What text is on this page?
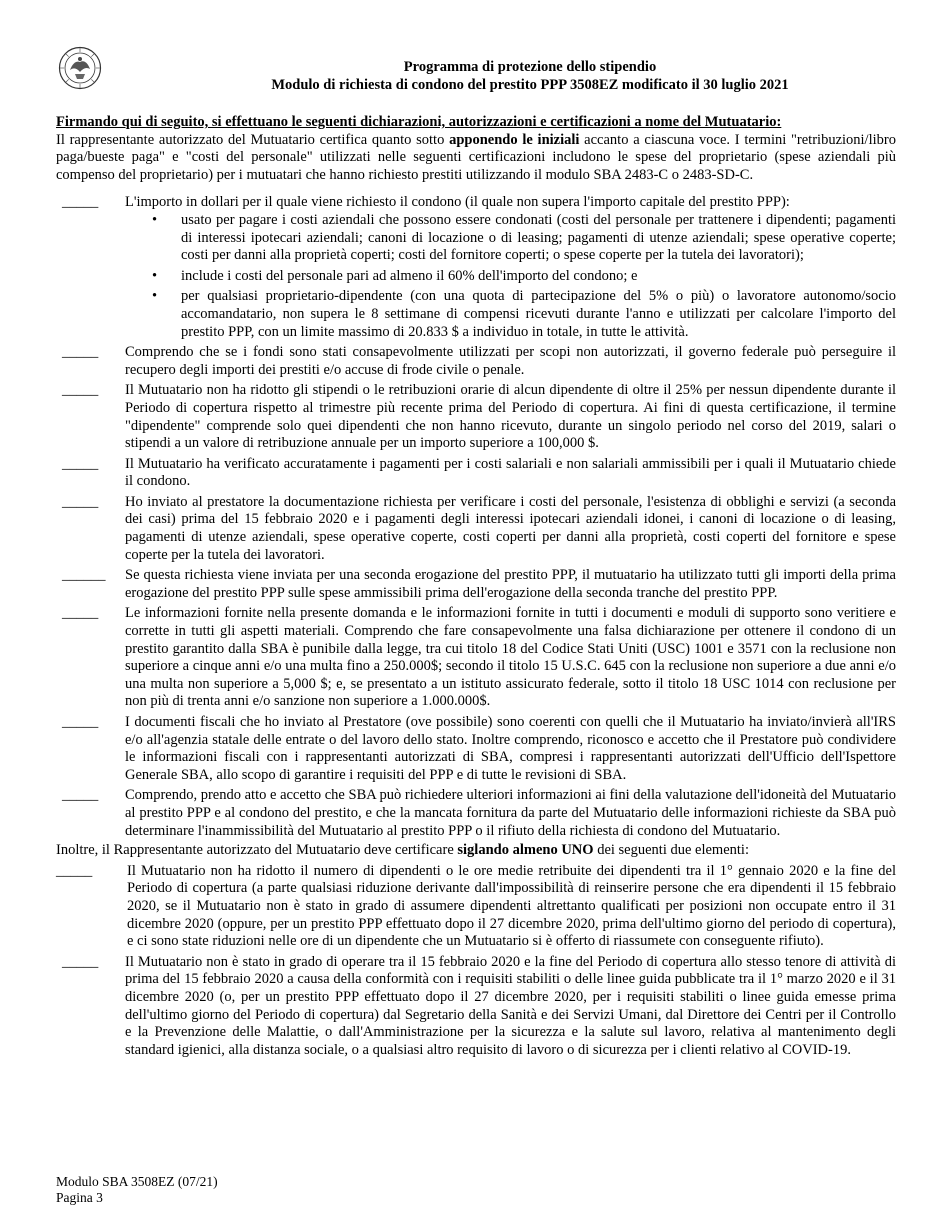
Programma di protezione dello stipendio
Modulo di richiesta di condono del prestito PPP 3508EZ modificato il 30 luglio 2021

Firmando qui di seguito, si effettuano le seguenti dichiarazioni, autorizzazioni e certificazioni a nome del Mutuatario:

Il rappresentante autorizzato del Mutuatario certifica quanto sotto apponendo le iniziali accanto a ciascuna voce. I termini "retribuzioni/libro paga/bueste paga" e "costi del personale" utilizzati nelle seguenti certificazioni includono le spese del proprietario (spese aziendali più compenso del proprietario) per i mutuatari che hanno richiesto prestiti utilizzando il modulo SBA 2483-C o 2483-SD-C.

_____ L'importo in dollari per il quale viene richiesto il condono (il quale non supera l'importo capitale del prestito PPP):
• usato per pagare i costi aziendali che possono essere condonati (costi del personale per trattenere i dipendenti; pagamenti di interessi ipotecari aziendali; canoni di locazione o di leasing; pagamenti di utenze aziendali; spese operative coperte; costi per danni alla proprietà coperti; costi del fornitore coperti; o spese coperte per la tutela dei lavoratori);
• include i costi del personale pari ad almeno il 60% dell'importo del condono; e
• per qualsiasi proprietario-dipendente (con una quota di partecipazione del 5% o più) o lavoratore autonomo/socio accomandatario, non supera le 8 settimane di compensi ricevuti durante l'anno e utilizzati per calcolare l'importo del prestito PPP, con un limite massimo di 20.833 $ a individuo in totale, in tutte le attività.
_____ Comprendo che se i fondi sono stati consapevolmente utilizzati per scopi non autorizzati, il governo federale può perseguire il recupero degli importi dei prestiti e/o accuse di frode civile o penale.
_____ Il Mutuatario non ha ridotto gli stipendi o le retribuzioni orarie di alcun dipendente di oltre il 25% per nessun dipendente durante il Periodo di copertura rispetto al trimestre più recente prima del Periodo di copertura. Ai fini di questa certificazione, il termine "dipendente" comprende solo quei dipendenti che non hanno ricevuto, durante un singolo periodo nel corso del 2019, salari o stipendi a un valore di retribuzione annuale per un importo superiore a 100,000 $.
_____ Il Mutuatario ha verificato accuratamente i pagamenti per i costi salariali e non salariali ammissibili per i quali il Mutuatario chiede il condono.
_____ Ho inviato al prestatore la documentazione richiesta per verificare i costi del personale, l'esistenza di obblighi e servizi (a seconda dei casi) prima del 15 febbraio 2020 e i pagamenti degli interessi ipotecari aziendali idonei, i canoni di locazione o di leasing, pagamenti di utenze aziendali, spese operative coperte, costi coperti per danni alla proprietà, costi coperti del fornitore e spese coperte per la tutela dei lavoratori.
______ Se questa richiesta viene inviata per una seconda erogazione del prestito PPP, il mutuatario ha utilizzato tutti gli importi della prima erogazione del prestito PPP sulle spese ammissibili prima dell'erogazione della seconda tranche del prestito PPP.
_____ Le informazioni fornite nella presente domanda e le informazioni fornite in tutti i documenti e moduli di supporto sono veritiere e corrette in tutti gli aspetti materiali. Comprendo che fare consapevolmente una falsa dichiarazione per ottenere il condono di un prestito garantito dalla SBA è punibile dalla legge, tra cui titolo 18 del Codice Stati Uniti (USC) 1001 e 3571 con la reclusione non superiore a cinque anni e/o una multa fino a 250.000$; secondo il titolo 15 U.S.C. 645 con la reclusione non superiore a due anni e/o una multa non superiore a 5,000 $; e, se presentato a un istituto assicurato federale, sotto il titolo 18 USC 1014 con reclusione per non più di trenta anni e/o sanzione non superiore a 1.000.000$.
_____ I documenti fiscali che ho inviato al Prestatore (ove possibile) sono coerenti con quelli che il Mutuatario ha inviato/invierà all'IRS e/o all'agenzia statale delle entrate o del lavoro dello stato. Inoltre comprendo, riconosco e accetto che il Prestatore può condividere le informazioni fiscali con i rappresentanti autorizzati di SBA, compresi i rappresentanti autorizzati dell'Ufficio dell'Ispettore Generale SBA, allo scopo di garantire i requisiti del PPP e di tutte le revisioni di SBA.
_____ Comprendo, prendo atto e accetto che SBA può richiedere ulteriori informazioni ai fini della valutazione dell'idoneità del Mutuatario al prestito PPP e al condono del prestito, e che la mancata fornitura da parte del Mutuatario delle informazioni richieste da SBA può determinare l'inammissibilità del Mutuatario al prestito PPP o il rifiuto della richiesta di condono del Mutuatario.

Inoltre, il Rappresentante autorizzato del Mutuatario deve certificare siglando almeno UNO dei seguenti due elementi:

_____ Il Mutuatario non ha ridotto il numero di dipendenti o le ore medie retribuite dei dipendenti tra il 1° gennaio 2020 e la fine del Periodo di copertura (a parte qualsiasi riduzione derivante dall'impossibilità di reinserire persone che era dipendenti il 15 febbraio 2020, se il Mutuatario non è stato in grado di assumere dipendenti altrettanto qualificati per posizioni non occupate entro il 31 dicembre 2020 (oppure, per un prestito PPP effettuato dopo il 27 dicembre 2020, prima dell'ultimo giorno del periodo di copertura), e ci sono state riduzioni nelle ore di un dipendente che un Mutuatario si è offerto di riassumete con conseguente rifiuto).
_____ Il Mutuatario non è stato in grado di operare tra il 15 febbraio 2020 e la fine del Periodo di copertura allo stesso tenore di attività di prima del 15 febbraio 2020 a causa della conformità con i requisiti stabiliti o delle linee guida pubblicate tra il 1° marzo 2020 e il 31 dicembre 2020 (o, per un prestito PPP effettuato dopo il 27 dicembre 2020, per i requisiti stabiliti o linee guida emesse prima dell'ultimo giorno del Periodo di copertura) dal Segretario della Sanità e dei Servizi Umani, dal Direttore dei Centri per il Controllo e la Prevenzione delle Malattie, o dall'Amministrazione per la sicurezza e la salute sul lavoro, relativa al mantenimento degli standard igienici, alla distanza sociale, o a qualsiasi altro requisito di lavoro o di sicurezza per i clienti relativo al COVID-19.
Modulo SBA 3508EZ (07/21)
Pagina 3
